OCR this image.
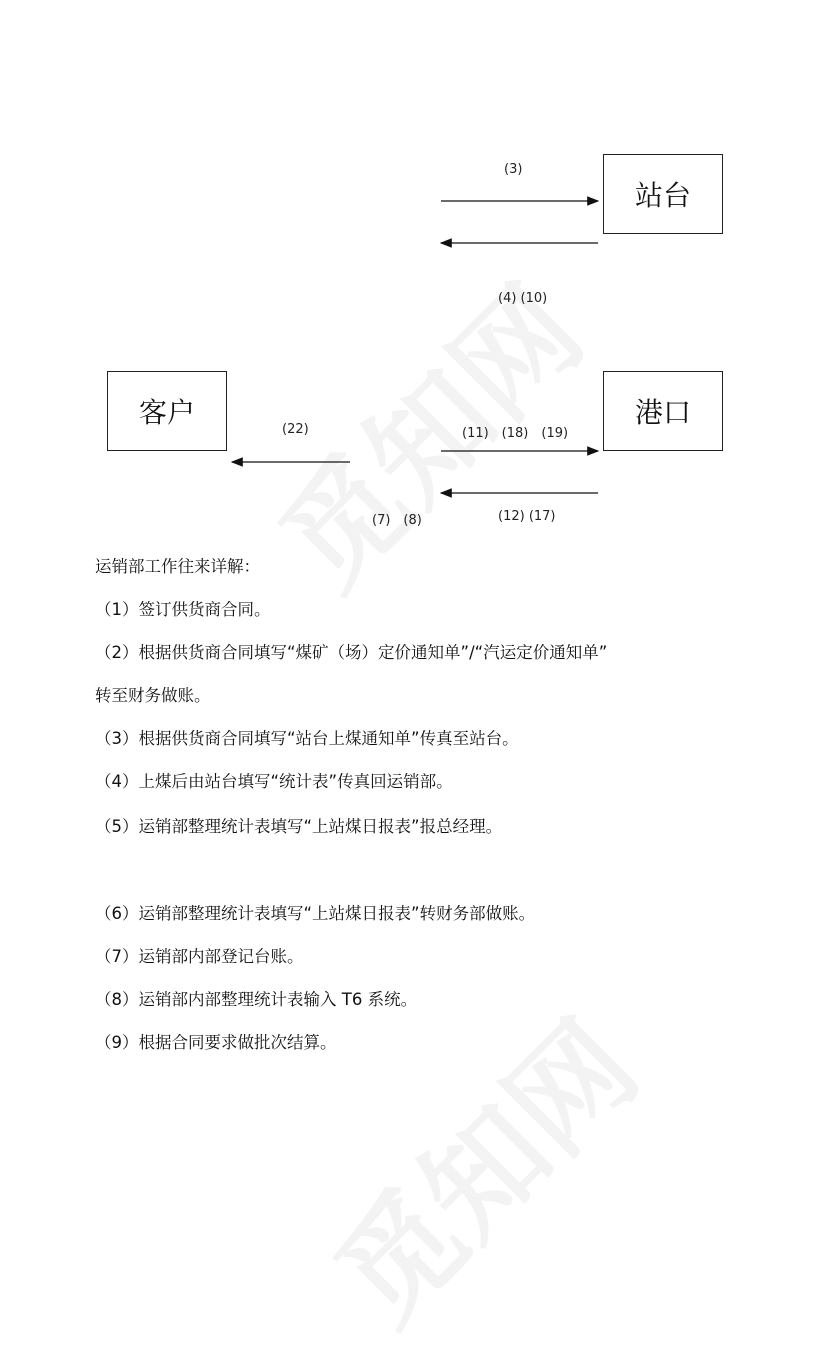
站台
客户	港口
(3)
(4) (10)
(22)	(11)　(18)　(19)
(7)　(8)	(12) (17)
运销部工作往来详解：
（1）签订供货商合同。
（2）根据供货商合同填写“煤矿（场）定价通知单”/“汽运定价通知单”
转至财务做账。
（3）根据供货商合同填写“站台上煤通知单”传真至站台。
（4）上煤后由站台填写“统计表”传真回运销部。
（5）运销部整理统计表填写“上站煤日报表”报总经理。
（6）运销部整理统计表填写“上站煤日报表”转财务部做账。
（7）运销部内部登记台账。
（8）运销部内部整理统计表输入 T6 系统。
（9）根据合同要求做批次结算。
